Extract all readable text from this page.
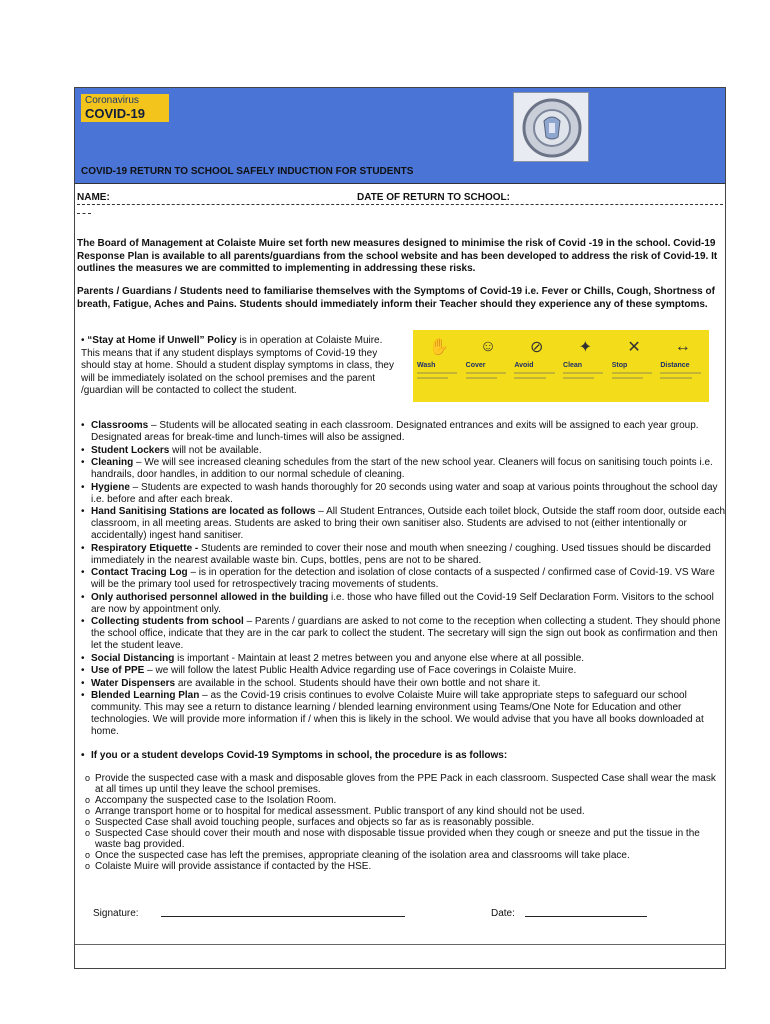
Coronavirus
COVID-19
COVID-19 RETURN TO SCHOOL SAFELY INDUCTION FOR STUDENTS
NAME:	DATE OF RETURN TO SCHOOL:

The Board of Management at Colaiste Muire set forth new measures designed to minimise the risk of Covid -19 in the school. Covid-19 Response Plan is available to all parents/guardians from the school website and has been developed to address the risk of Covid-19. It outlines the measures we are committed to implementing in addressing these risks.

Parents / Guardians / Students need to familiarise themselves with the Symptoms of Covid-19 i.e. Fever or Chills, Cough, Shortness of breath, Fatigue, Aches and Pains. Students should immediately inform their Teacher should they experience any of these symptoms.

• “Stay at Home if Unwell” Policy is in operation at Colaiste Muire. This means that if any student displays symptoms of Covid-19 they should stay at home. Should a student display symptoms in class, they will be immediately isolated on the school premises and the parent /guardian will be contacted to collect the student.

✋
Wash
☺
Cover
⊘
Avoid
✦
Clean
✕
Stop
↔
Distance
• Classrooms – Students will be allocated seating in each classroom. Designated entrances and exits will be assigned to each year group. Designated areas for break-time and lunch-times will also be assigned.
• Student Lockers will not be available.
• Cleaning – We will see increased cleaning schedules from the start of the new school year. Cleaners will focus on sanitising touch points i.e. handrails, door handles, in addition to our normal schedule of cleaning.
• Hygiene – Students are expected to wash hands thoroughly for 20 seconds using water and soap at various points throughout the school day i.e. before and after each break.
• Hand Sanitising Stations are located as follows – All Student Entrances, Outside each toilet block, Outside the staff room door, outside each classroom, in all meeting areas. Students are asked to bring their own sanitiser also. Students are advised to not (either intentionally or accidentally) ingest hand sanitiser.
• Respiratory Etiquette - Students are reminded to cover their nose and mouth when sneezing / coughing. Used tissues should be discarded immediately in the nearest available waste bin. Cups, bottles, pens are not to be shared.
• Contact Tracing Log – is in operation for the detection and isolation of close contacts of a suspected / confirmed case of Covid-19. VS Ware will be the primary tool used for retrospectively tracing movements of students.
• Only authorised personnel allowed in the building i.e. those who have filled out the Covid-19 Self Declaration Form. Visitors to the school are now by appointment only.
• Collecting students from school – Parents / guardians are asked to not come to the reception when collecting a student. They should phone the school office, indicate that they are in the car park to collect the student. The secretary will sign the sign out book as confirmation and then let the student leave.
• Social Distancing is important - Maintain at least 2 metres between you and anyone else where at all possible.
• Use of PPE – we will follow the latest Public Health Advice regarding use of Face coverings in Colaiste Muire.
• Water Dispensers are available in the school. Students should have their own bottle and not share it.
• Blended Learning Plan – as the Covid-19 crisis continues to evolve Colaiste Muire will take appropriate steps to safeguard our school community. This may see a return to distance learning / blended learning environment using Teams/One Note for Education and other technologies. We will provide more information if / when this is likely in the school. We would advise that you have all books downloaded at home.

• If you or a student develops Covid-19 Symptoms in school, the procedure is as follows:

o Provide the suspected case with a mask and disposable gloves from the PPE Pack in each classroom. Suspected Case shall wear the mask at all times up until they leave the school premises.
o Accompany the suspected case to the Isolation Room.
o Arrange transport home or to hospital for medical assessment. Public transport of any kind should not be used.
o Suspected Case shall avoid touching people, surfaces and objects so far as is reasonably possible.
o Suspected Case should cover their mouth and nose with disposable tissue provided when they cough or sneeze and put the tissue in the waste bag provided.
o Once the suspected case has left the premises, appropriate cleaning of the isolation area and classrooms will take place.
o Colaiste Muire will provide assistance if contacted by the HSE.
Signature:	Date:
